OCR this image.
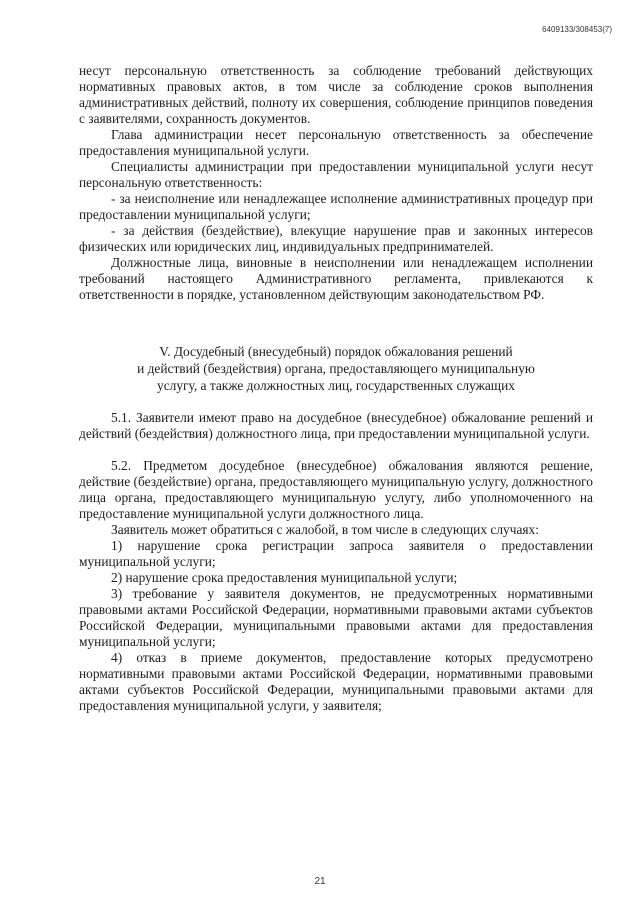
6409133/308453(7)

несут персональную ответственность за соблюдение требований действующих нормативных правовых актов, в том числе за соблюдение сроков выполнения административных действий, полноту их совершения, соблюдение принципов поведения с заявителями, сохранность документов.

Глава администрации несет персональную ответственность за обеспечение предоставления муниципальной услуги.

Специалисты администрации при предоставлении муниципальной услуги несут персональную ответственность:

- за неисполнение или ненадлежащее исполнение административных процедур при предоставлении муниципальной услуги;

- за действия (бездействие), влекущие нарушение прав и законных интересов физических или юридических лиц, индивидуальных предпринимателей.

Должностные лица, виновные в неисполнении или ненадлежащем исполнении требований настоящего Административного регламента, привлекаются к ответственности в порядке, установленном действующим законодательством РФ.

V. Досудебный (внесудебный) порядок обжалования решений
и действий (бездействия) органа, предоставляющего муниципальную
услугу, а также должностных лиц, государственных служащих

5.1. Заявители имеют право на досудебное (внесудебное) обжалование решений и действий (бездействия) должностного лица, при предоставлении муниципальной услуги.

5.2. Предметом досудебное (внесудебное) обжалования являются решение, действие (бездействие) органа, предоставляющего муниципальную услугу, должностного лица органа, предоставляющего муниципальную услугу, либо уполномоченного на предоставление муниципальной услуги должностного лица.

Заявитель может обратиться с жалобой, в том числе в следующих случаях:

1) нарушение срока регистрации запроса заявителя о предоставлении муниципальной услуги;

2) нарушение срока предоставления муниципальной услуги;

3) требование у заявителя документов, не предусмотренных нормативными правовыми актами Российской Федерации, нормативными правовыми актами субъектов Российской Федерации, муниципальными правовыми актами для предоставления муниципальной услуги;

4) отказ в приеме документов, предоставление которых предусмотрено нормативными правовыми актами Российской Федерации, нормативными правовыми актами субъектов Российской Федерации, муниципальными правовыми актами для предоставления муниципальной услуги, у заявителя;

21
